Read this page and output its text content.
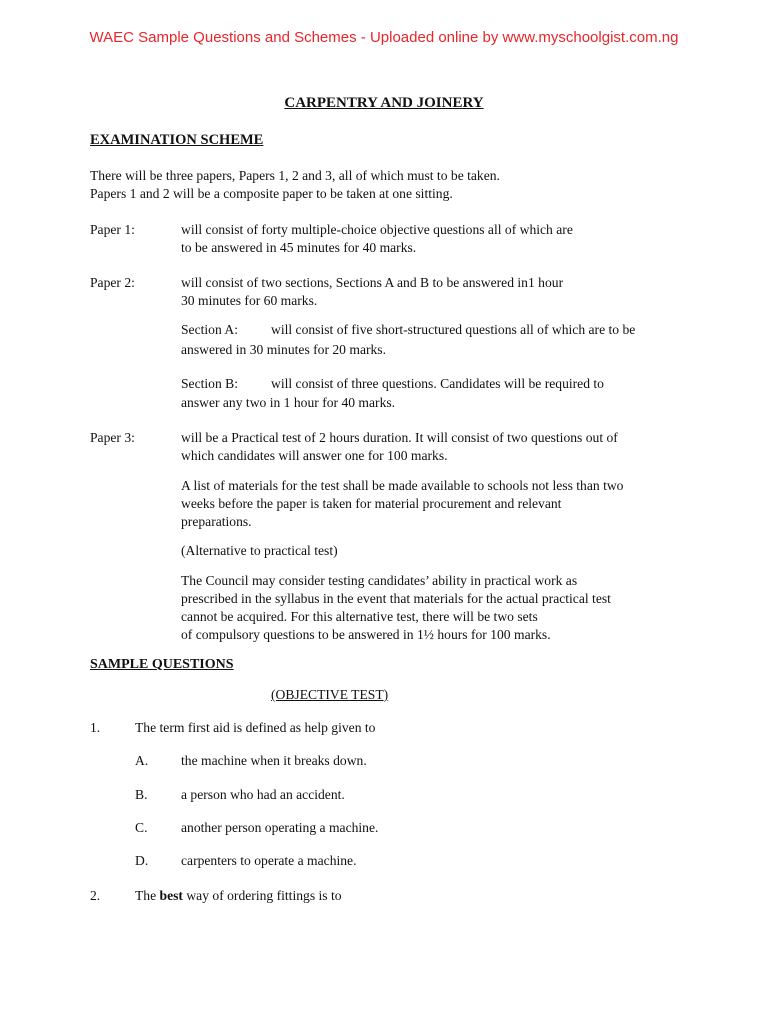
WAEC Sample Questions and Schemes - Uploaded online by www.myschoolgist.com.ng
CARPENTRY AND JOINERY
EXAMINATION SCHEME
There will be three papers, Papers 1, 2 and 3, all of which must to be taken.
Papers 1 and 2 will be a composite paper to be taken at one sitting.
Paper 1:	will consist of forty multiple-choice objective questions all of which are
to be answered in 45 minutes for 40 marks.
Paper 2:	will consist of two sections, Sections A and B to be answered in1 hour
30 minutes for 60 marks.
Section A: will consist of five short-structured questions all of which are to be
answered in 30 minutes for 20 marks.
Section B: will consist of three questions. Candidates will be required to
answer any two in 1 hour for 40 marks.
Paper 3:	will be a Practical test of 2 hours duration. It will consist of two questions out of
which candidates will answer one for 100 marks.
A list of materials for the test shall be made available to schools not less than two
weeks before the paper is taken for material procurement and relevant
preparations.
(Alternative to practical test)
The Council may consider testing candidates’ ability in practical work as
prescribed in the syllabus in the event that materials for the actual practical test
cannot be acquired. For this alternative test, there will be two sets
of compulsory questions to be answered in 1½ hours for 100 marks.
SAMPLE QUESTIONS
(OBJECTIVE TEST)
1.	The term first aid is defined as help given to
A. the machine when it breaks down.
B. a person who had an accident.
C. another person operating a machine.
D. carpenters to operate a machine.
2.	The best way of ordering fittings is to
